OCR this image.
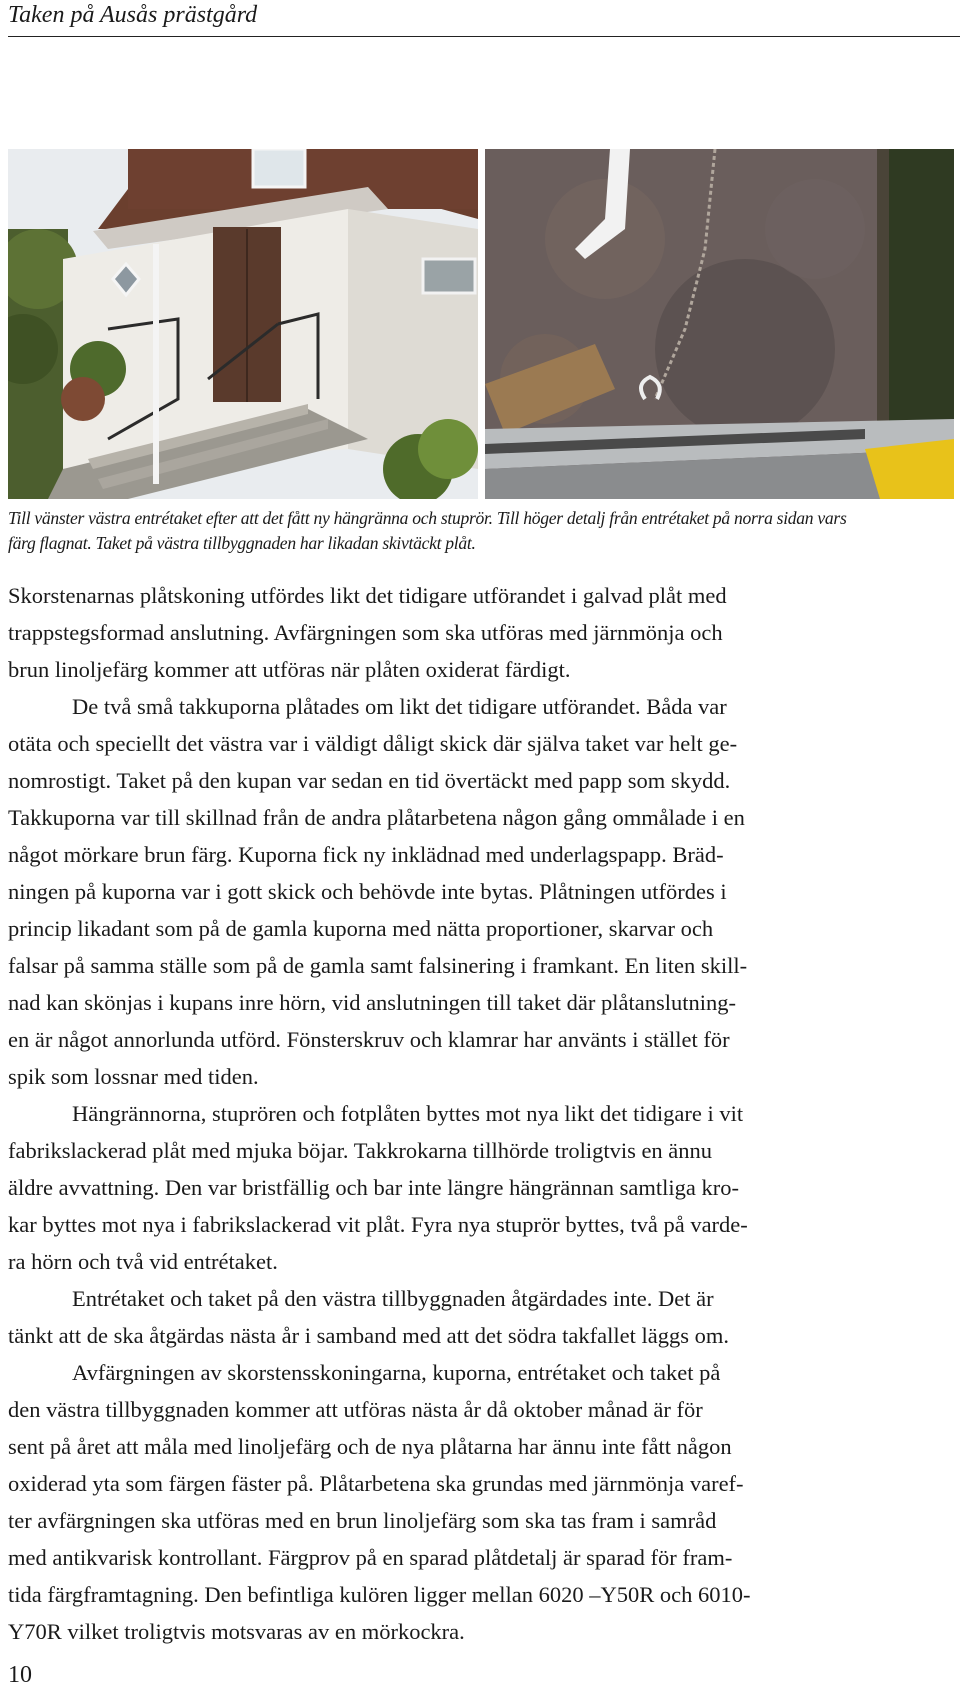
Taken på Ausås prästgård
Till vänster västra entrétaket efter att det fått ny hängränna och stuprör. Till höger detalj från entrétaket på norra sidan vars
färg flagnat. Taket på västra tillbyggnaden har likadan skivtäckt plåt.
Skorstenarnas plåtskoning utfördes likt det tidigare utförandet i galvad plåt med
trappstegsformad anslutning. Avfärgningen som ska utföras med järnmönja och
brun linoljefärg kommer att utföras när plåten oxiderat färdigt.
De två små takkuporna plåtades om likt det tidigare utförandet. Båda var
otäta och speciellt det västra var i väldigt dåligt skick där själva taket var helt ge-
nomrostigt. Taket på den kupan var sedan en tid övertäckt med papp som skydd.
Takkuporna var till skillnad från de andra plåtarbetena någon gång ommålade i en
något mörkare brun färg. Kuporna fick ny inklädnad med underlagspapp. Bräd-
ningen på kuporna var i gott skick och behövde inte bytas. Plåtningen utfördes i
princip likadant som på de gamla kuporna med nätta proportioner, skarvar och
falsar på samma ställe som på de gamla samt falsinering i framkant. En liten skill-
nad kan skönjas i kupans inre hörn, vid anslutningen till taket där plåtanslutning-
en är något annorlunda utförd. Fönsterskruv och klamrar har använts i stället för
spik som lossnar med tiden.
Hängrännorna, stuprören och fotplåten byttes mot nya likt det tidigare i vit
fabrikslackerad plåt med mjuka böjar. Takkrokarna tillhörde troligtvis en ännu
äldre avvattning. Den var bristfällig och bar inte längre hängrännan samtliga kro-
kar byttes mot nya i fabrikslackerad vit plåt. Fyra nya stuprör byttes, två på varde-
ra hörn och två vid entrétaket.
Entrétaket och taket på den västra tillbyggnaden åtgärdades inte. Det är
tänkt att de ska åtgärdas nästa år i samband med att det södra takfallet läggs om.
Avfärgningen av skorstensskoningarna, kuporna, entrétaket och taket på
den västra tillbyggnaden kommer att utföras nästa år då oktober månad är för
sent på året att måla med linoljefärg och de nya plåtarna har ännu inte fått någon
oxiderad yta som färgen fäster på. Plåtarbetena ska grundas med järnmönja varef-
ter avfärgningen ska utföras med en brun linoljefärg som ska tas fram i samråd
med antikvarisk kontrollant. Färgprov på en sparad plåtdetalj är sparad för fram-
tida färgframtagning. Den befintliga kulören ligger mellan 6020 –Y50R och 6010-
Y70R vilket troligtvis motsvaras av en mörkockra.
10
